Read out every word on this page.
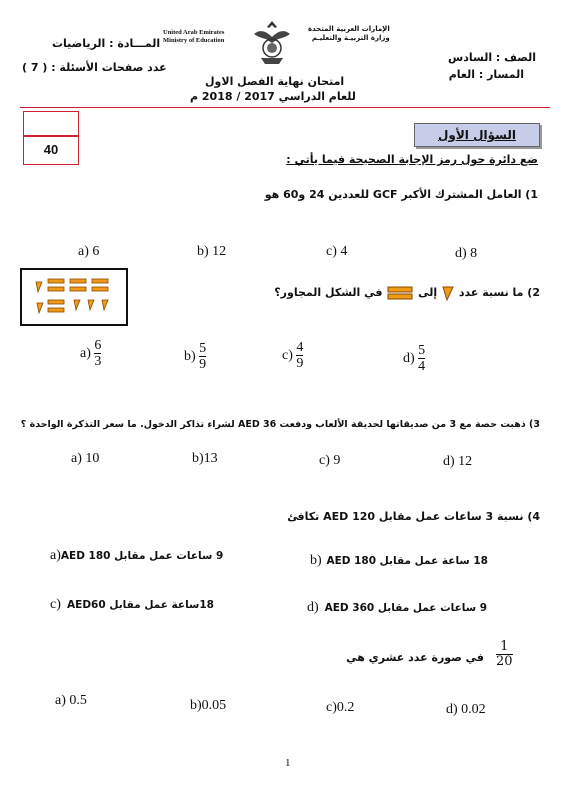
المـــادة : الرياضيات
عدد صفحات الأسئلة : ( 7 )
United Arab Emirates
Ministry of Education
الإمارات العربية المتحدة
وزارة التربيـة والتعليـم
الصف : السادس
المسار : العام
امتحان نهاية الفصل الاول
للعام الدراسي 2017 / 2018 م
40
السؤال الأول
ضع دائرة حول رمز الإجابة الصحيحة فيما يأتي :
1) العامل المشترك الأكبر GCF للعددين 24 و60 هو
a) 6	b) 12	c) 4	d) 8
2) ما نسبة عدد  إلى  في الشكل المجاور؟
$a) \frac{6}{3}$	$b) \frac{5}{9}$	$c) \frac{4}{9}$	$d) \frac{5}{4}$
3) ذهبت حصة مع 3 من صديقاتها لحديقة الألعاب ودفعت AED 36 لشراء تذاكر الدخول. ما سعر التذكرة الواحدة ؟
a) 10	b)13	c) 9	d) 12
4) نسبة 3 ساعات عمل مقابل AED 120 تكافئ
a) 9 ساعات عمل مقابل AED 180	b) 18 ساعة عمل مقابل AED 180
c) 18ساعة عمل مقابل AED60	d) 9 ساعات عمل مقابل AED 360
$\frac{1}{20}$
في صورة عدد عشري هي
a) 0.5	b)0.05	c)0.2	d) 0.02
1
